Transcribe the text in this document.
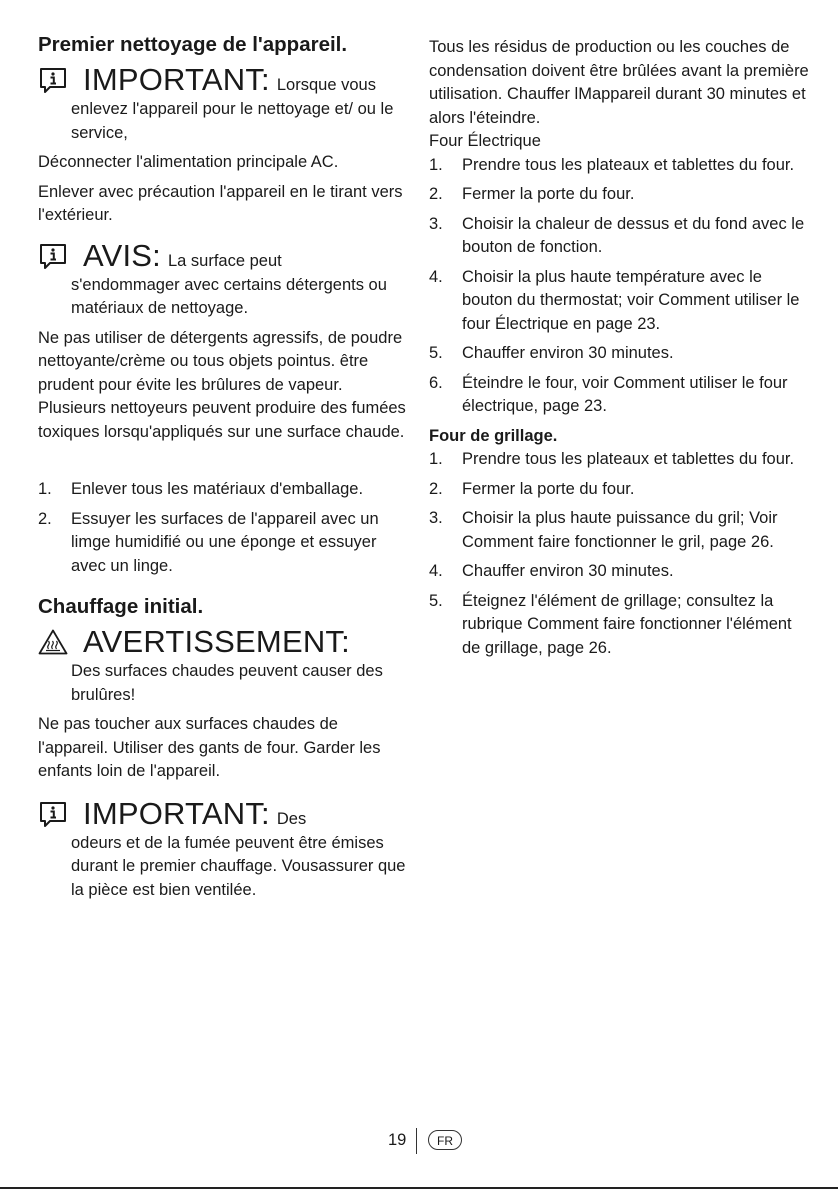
Premier nettoyage de l'appareil.
IMPORTANT: Lorsque vous

enlevez l'appareil pour le nettoyage et/ ou le service,

Déconnecter l'alimentation principale AC.

Enlever avec précaution l'appareil en le tirant vers l'extérieur.

AVIS: La surface peut

s'endommager avec certains détergents ou matériaux de nettoyage.

Ne pas utiliser de détergents agressifs, de poudre nettoyante/crème ou tous objets pointus. être prudent pour évite les brûlures de vapeur. Plusieurs nettoyeurs peuvent produire des fumées toxiques lorsqu'appliqués sur une surface chaude.

1.	Enlever tous les matériaux d'emballage.
2.	Essuyer les surfaces de l'appareil avec un limge humidifié ou une éponge et essuyer avec un linge.
Chauffage initial.
AVERTISSEMENT:

Des surfaces chaudes peuvent causer des brulûres!

Ne pas toucher aux surfaces chaudes de l'appareil. Utiliser des gants de four. Garder les enfants loin de l'appareil.

IMPORTANT: Des

odeurs et de la fumée peuvent être émises durant le premier chauffage. Vousassurer que la pièce est bien ventilée.

Tous les résidus de production ou les couches de condensation doivent être brûlées avant la première utilisation. Chauffer lMappareil durant 30 minutes et alors l'éteindre.

Four Électrique
1.	Prendre tous les plateaux et tablettes du four.
2.	Fermer la porte du four.
3.	Choisir la chaleur de dessus et du fond avec le bouton de fonction.
4.	Choisir la plus haute température avec le bouton du thermostat; voir Comment utiliser le four Électrique en page 23.
5.	Chauffer environ 30 minutes.
6.	Éteindre le four, voir Comment utiliser le four électrique, page 23.
Four de grillage.
1.	Prendre tous les plateaux et tablettes du four.
2.	Fermer la porte du four.
3.	Choisir la plus haute puissance du gril; Voir Comment faire fonctionner le gril, page 26.
4.	Chauffer environ 30 minutes.
5.	Éteignez l'élément de grillage; consultez la rubrique Comment faire fonctionner l'élément de grillage, page 26.
19	FR
